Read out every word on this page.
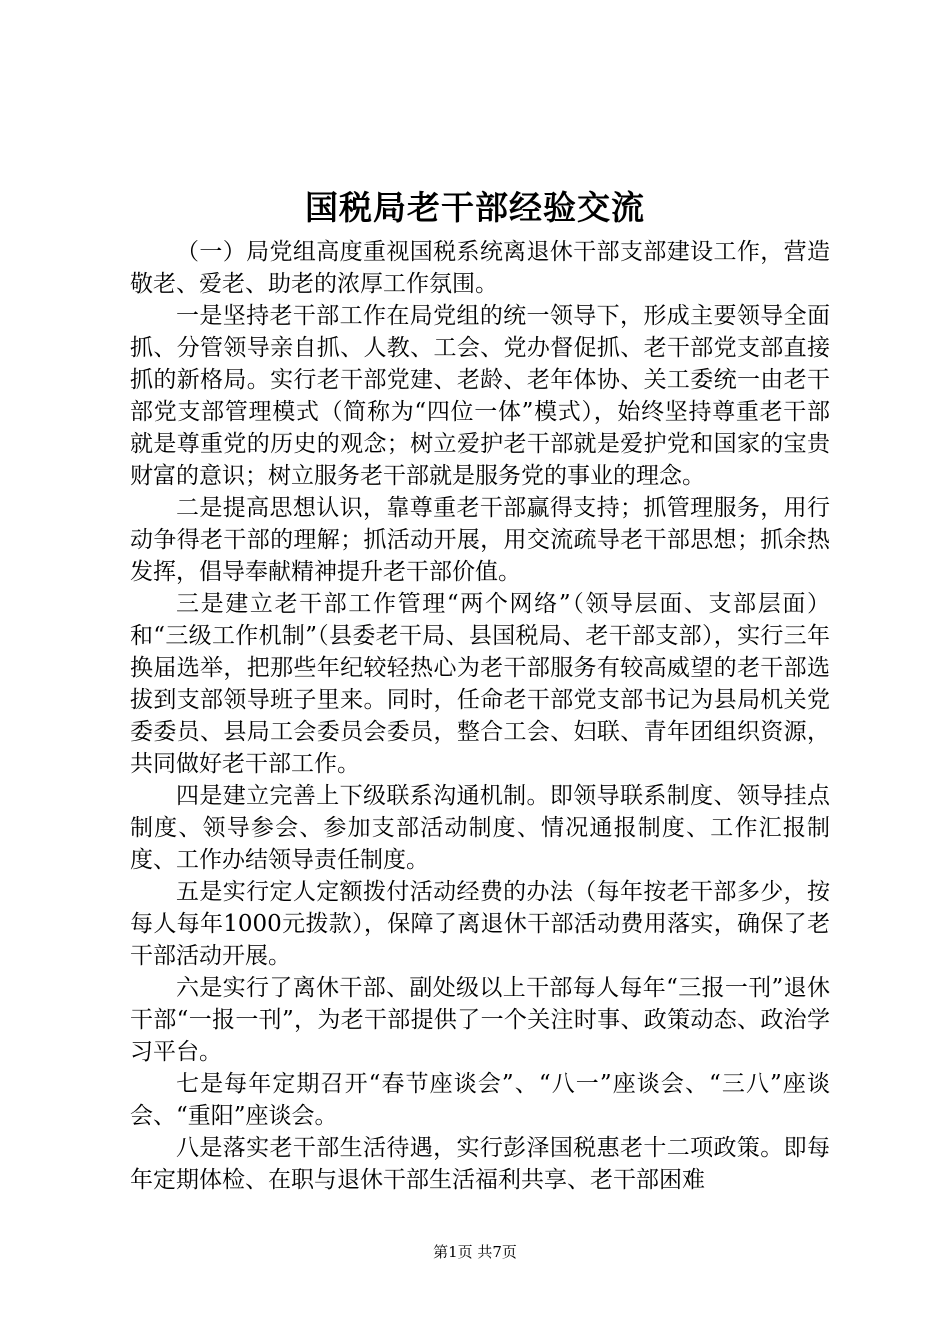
国税局老干部经验交流

（一）局党组高度重视国税系统离退休干部支部建设工作，营造敬老、爱老、助老的浓厚工作氛围。

一是坚持老干部工作在局党组的统一领导下，形成主要领导全面抓、分管领导亲自抓、人教、工会、党办督促抓、老干部党支部直接抓的新格局。实行老干部党建、老龄、老年体协、关工委统一由老干部党支部管理模式（简称为“四位一体”模式），始终坚持尊重老干部就是尊重党的历史的观念；树立爱护老干部就是爱护党和国家的宝贵财富的意识；树立服务老干部就是服务党的事业的理念。

二是提高思想认识，靠尊重老干部赢得支持；抓管理服务，用行动争得老干部的理解；抓活动开展，用交流疏导老干部思想；抓余热发挥，倡导奉献精神提升老干部价值。

三是建立老干部工作管理“两个网络”（领导层面、支部层面）和“三级工作机制”（县委老干局、县国税局、老干部支部），实行三年换届选举，把那些年纪较轻热心为老干部服务有较高威望的老干部选拔到支部领导班子里来。同时，任命老干部党支部书记为县局机关党委委员、县局工会委员会委员，整合工会、妇联、青年团组织资源，共同做好老干部工作。

四是建立完善上下级联系沟通机制。即领导联系制度、领导挂点制度、领导参会、参加支部活动制度、情况通报制度、工作汇报制度、工作办结领导责任制度。

五是实行定人定额拨付活动经费的办法（每年按老干部多少，按每人每年1000元拨款），保障了离退休干部活动费用落实，确保了老干部活动开展。

六是实行了离休干部、副处级以上干部每人每年“三报一刊”退休干部“一报一刊”，为老干部提供了一个关注时事、政策动态、政治学习平台。

七是每年定期召开“春节座谈会”、“八一”座谈会、“三八”座谈会、“重阳”座谈会。

八是落实老干部生活待遇，实行彭泽国税惠老十二项政策。即每年定期体检、在职与退休干部生活福利共享、老干部困难

第1页 共7页
